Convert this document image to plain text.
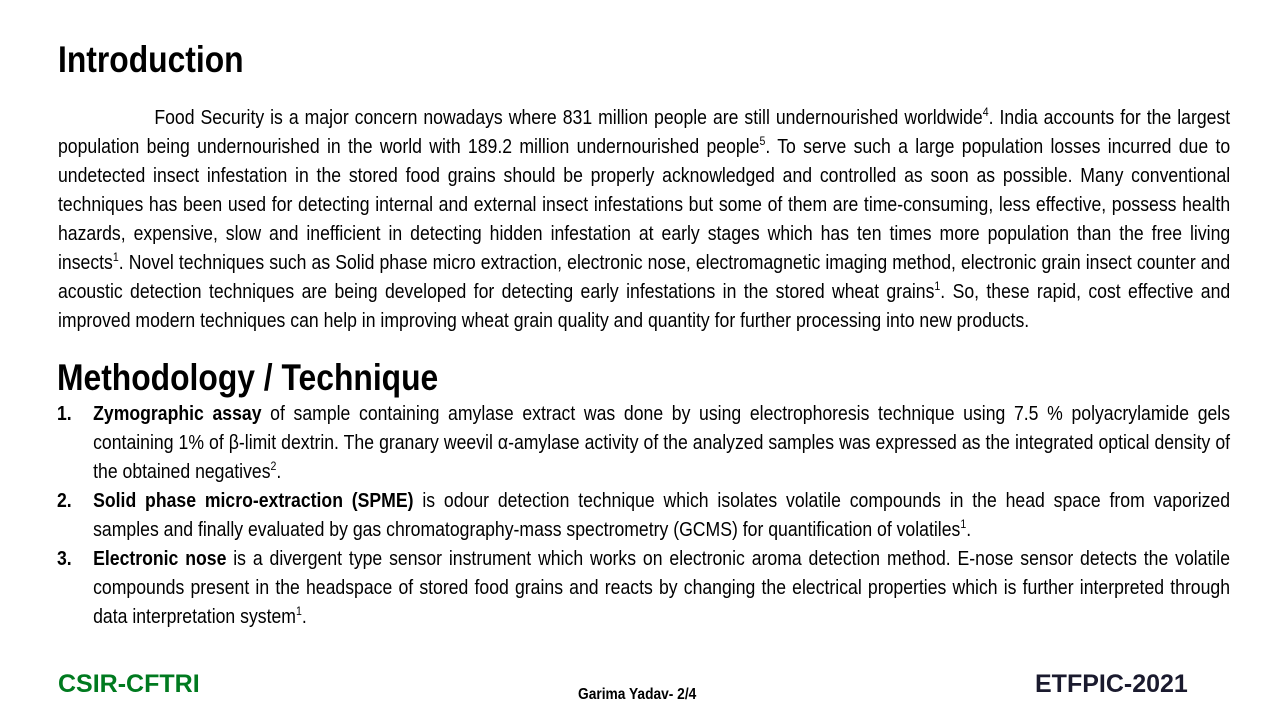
Introduction

Food Security is a major concern nowadays where 831 million people are still undernourished worldwide$^4$. India accounts for the largest population being undernourished in the world with 189.2 million undernourished people$^5$. To serve such a large population losses incurred due to undetected insect infestation in the stored food grains should be properly acknowledged and controlled as soon as possible. Many conventional techniques has been used for detecting internal and external insect infestations but some of them are time-consuming, less effective, possess health hazards, expensive, slow and inefficient in detecting hidden infestation at early stages which has ten times more population than the free living insects$^1$. Novel techniques such as Solid phase micro extraction, electronic nose, electromagnetic imaging method, electronic grain insect counter and acoustic detection techniques are being developed for detecting early infestations in the stored wheat grains$^1$. So, these rapid, cost effective and improved modern techniques can help in improving wheat grain quality and quantity for further processing into new products.

Methodology / Technique
1. Zymographic assay of sample containing amylase extract was done by using electrophoresis technique using 7.5 % polyacrylamide gels containing 1% of β-limit dextrin. The granary weevil α-amylase activity of the analyzed samples was expressed as the integrated optical density of the obtained negatives$^2$.
2. Solid phase micro-extraction (SPME) is odour detection technique which isolates volatile compounds in the head space from vaporized samples and finally evaluated by gas chromatography-mass spectrometry (GCMS) for quantification of volatiles$^1$.
3. Electronic nose is a divergent type sensor instrument which works on electronic aroma detection method. E-nose sensor detects the volatile compounds present in the headspace of stored food grains and reacts by changing the electrical properties which is further interpreted through data interpretation system$^1$.
CSIR-CFTRI	Garima Yadav- 2/4	ETFPIC-2021
